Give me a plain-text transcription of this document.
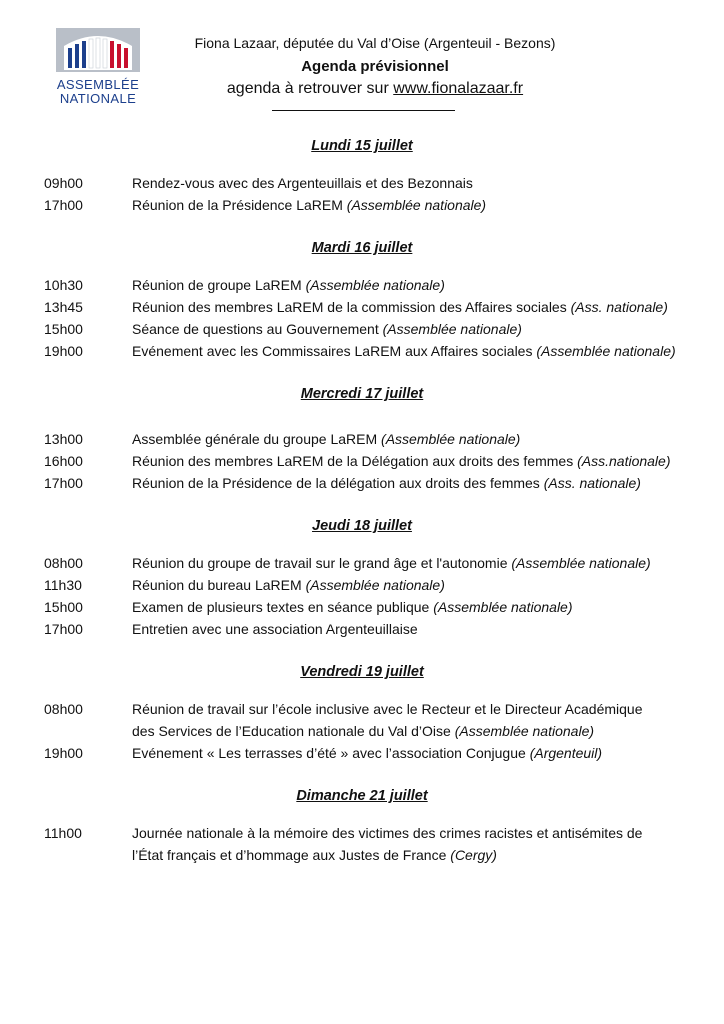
ASSEMBLÉE
NATIONALE
Fiona Lazaar, députée du Val d’Oise (Argenteuil - Bezons)
Agenda prévisionnel
agenda à retrouver sur www.fionalazaar.fr
Lundi 15 juillet
09h00	Rendez-vous avec des Argenteuillais et des Bezonnais
17h00	Réunion de la Présidence LaREM (Assemblée nationale)
Mardi 16 juillet
10h30	Réunion de groupe LaREM (Assemblée nationale)
13h45	Réunion des membres LaREM de la commission des Affaires sociales (Ass. nationale)
15h00	Séance de questions au Gouvernement (Assemblée nationale)
19h00	Evénement avec les Commissaires LaREM aux Affaires sociales (Assemblée nationale)
Mercredi 17 juillet
13h00	Assemblée générale du groupe LaREM (Assemblée nationale)
16h00	Réunion des membres LaREM de la Délégation aux droits des femmes (Ass.nationale)
17h00	Réunion de la Présidence de la délégation aux droits des femmes (Ass. nationale)
Jeudi 18 juillet
08h00	Réunion du groupe de travail sur le grand âge et l'autonomie (Assemblée nationale)
11h30	Réunion du bureau LaREM (Assemblée nationale)
15h00	Examen de plusieurs textes en séance publique (Assemblée nationale)
17h00	Entretien avec une association Argenteuillaise
Vendredi 19 juillet
08h00	Réunion de travail sur l’école inclusive avec le Recteur et le Directeur Académique
des Services de l’Education nationale du Val d’Oise (Assemblée nationale)
19h00	Evénement « Les terrasses d’été » avec l’association Conjugue (Argenteuil)
Dimanche 21 juillet
11h00	Journée nationale à la mémoire des victimes des crimes racistes et antisémites de
l’État français et d’hommage aux Justes de France (Cergy)
